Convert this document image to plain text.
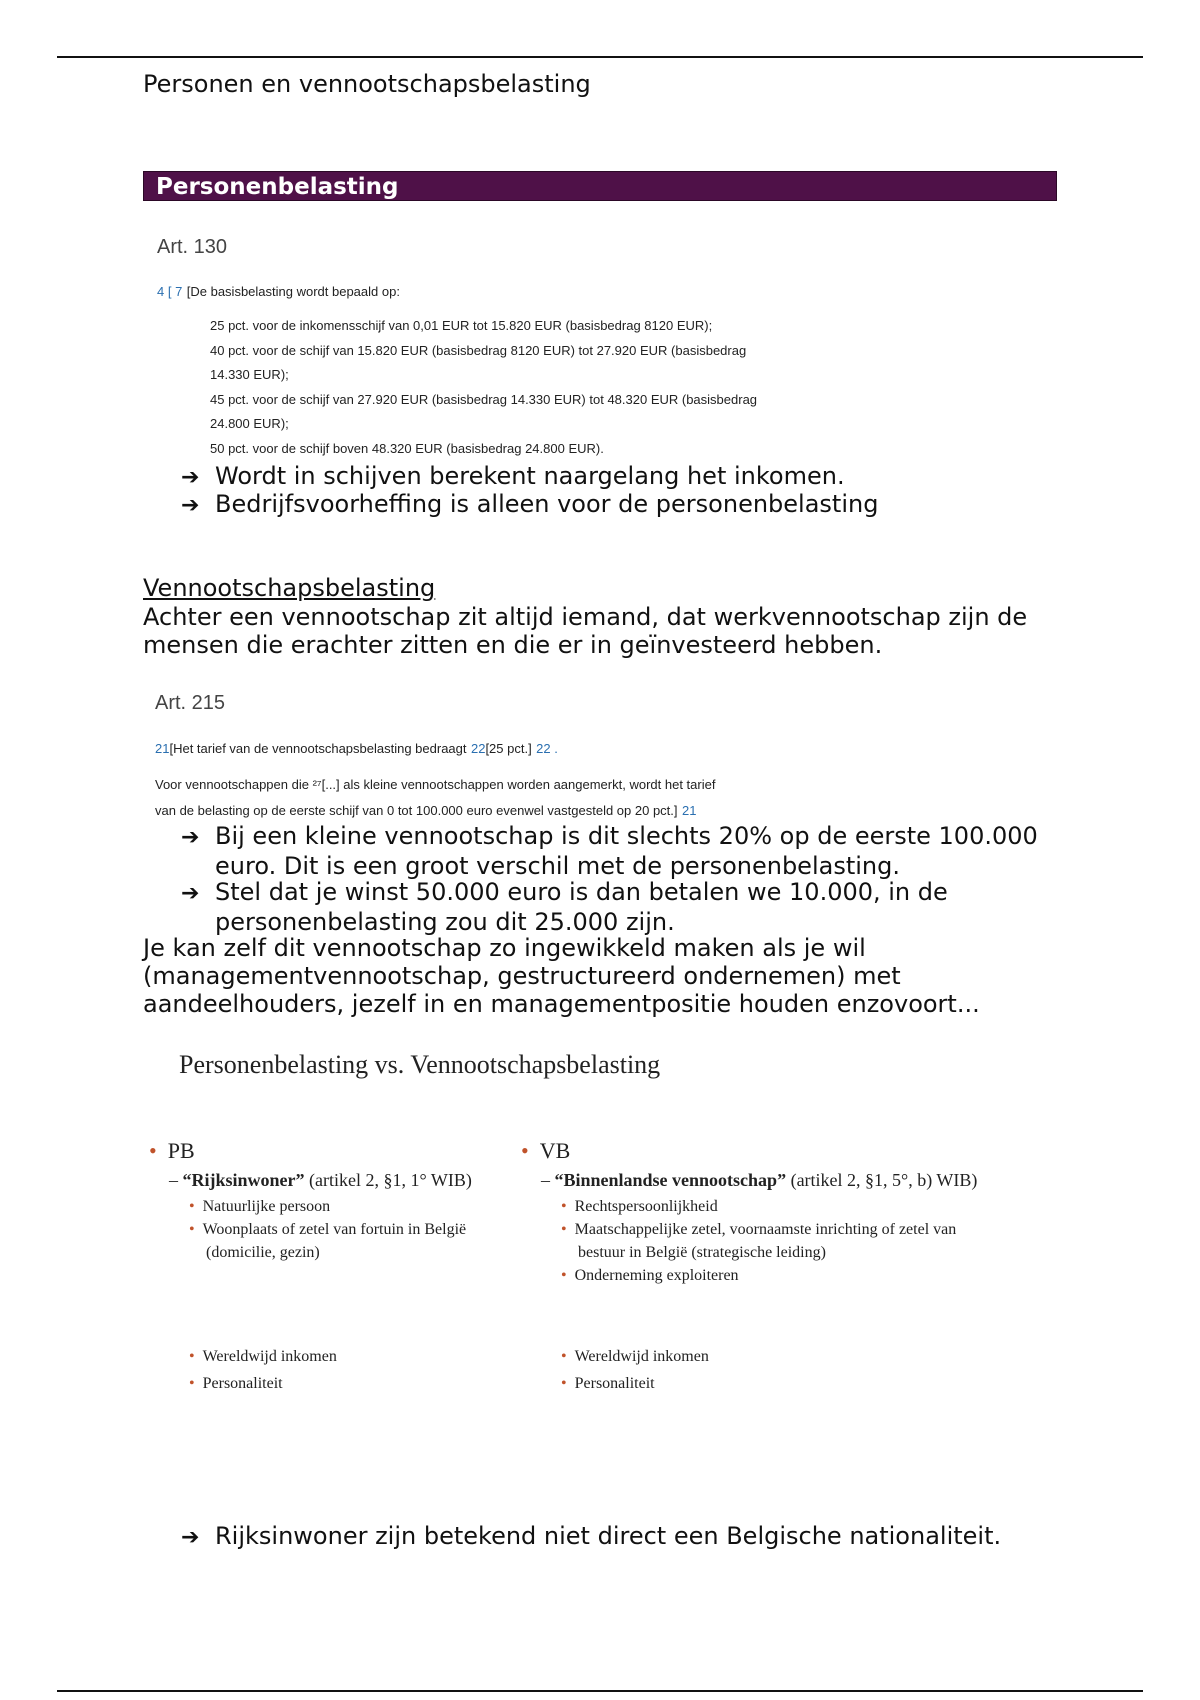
Personen en vennootschapsbelasting
Personenbelasting
Art. 130
4 [ 7 [De basisbelasting wordt bepaald op:
25 pct. voor de inkomensschijf van 0,01 EUR tot 15.820 EUR (basisbedrag 8120 EUR);
40 pct. voor de schijf van 15.820 EUR (basisbedrag 8120 EUR) tot 27.920 EUR (basisbedrag
14.330 EUR);
45 pct. voor de schijf van 27.920 EUR (basisbedrag 14.330 EUR) tot 48.320 EUR (basisbedrag
24.800 EUR);
50 pct. voor de schijf boven 48.320 EUR (basisbedrag 24.800 EUR).
➔ Wordt in schijven berekent naargelang het inkomen.
➔ Bedrijfsvoorheffing is alleen voor de personenbelasting
Vennootschapsbelasting
Achter een vennootschap zit altijd iemand, dat werkvennootschap zijn de
mensen die erachter zitten en die er in geïnvesteerd hebben.
Art. 215
21[Het tarief van de vennootschapsbelasting bedraagt 22[25 pct.] 22 .
Voor vennootschappen die ²⁷[...] als kleine vennootschappen worden aangemerkt, wordt het tarief
van de belasting op de eerste schijf van 0 tot 100.000 euro evenwel vastgesteld op 20 pct.] 21
➔ Bij een kleine vennootschap is dit slechts 20% op de eerste 100.000
euro. Dit is een groot verschil met de personenbelasting.
➔ Stel dat je winst 50.000 euro is dan betalen we 10.000, in de
personenbelasting zou dit 25.000 zijn.
Je kan zelf dit vennootschap zo ingewikkeld maken als je wil
(managementvennootschap, gestructureerd ondernemen) met
aandeelhouders, jezelf in en managementpositie houden enzovoort...
Personenbelasting vs. Vennootschapsbelasting
• PB
– “Rijksinwoner” (artikel 2, §1, 1° WIB)
• Natuurlijke persoon
• Woonplaats of zetel van fortuin in België
(domicilie, gezin)
• Wereldwijd inkomen
• Personaliteit
• VB
– “Binnenlandse vennootschap” (artikel 2, §1, 5°, b) WIB)
• Rechtspersoonlijkheid
• Maatschappelijke zetel, voornaamste inrichting of zetel van
bestuur in België (strategische leiding)
• Onderneming exploiteren
• Wereldwijd inkomen
• Personaliteit
➔ Rijksinwoner zijn betekend niet direct een Belgische nationaliteit.
